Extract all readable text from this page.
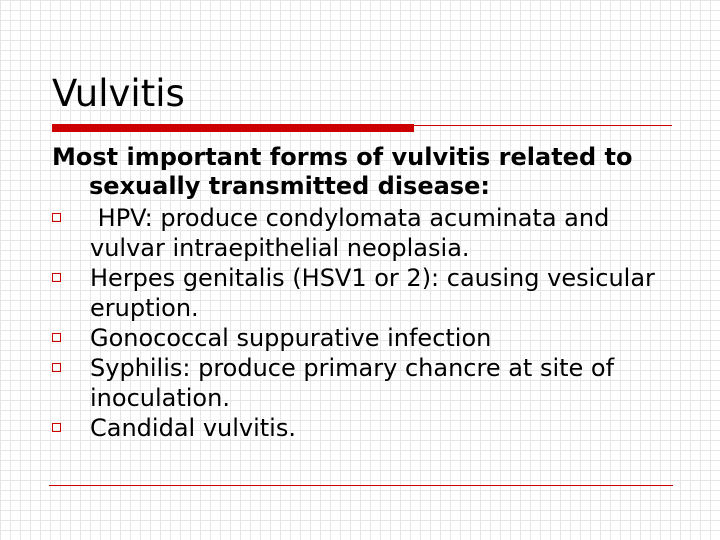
Vulvitis
Most important forms of vulvitis related to sexually transmitted disease:
HPV: produce condylomata acuminata and vulvar intraepithelial neoplasia.
Herpes genitalis (HSV1 or 2): causing vesicular eruption.
Gonococcal suppurative infection
Syphilis: produce primary chancre at site of inoculation.
Candidal vulvitis.
